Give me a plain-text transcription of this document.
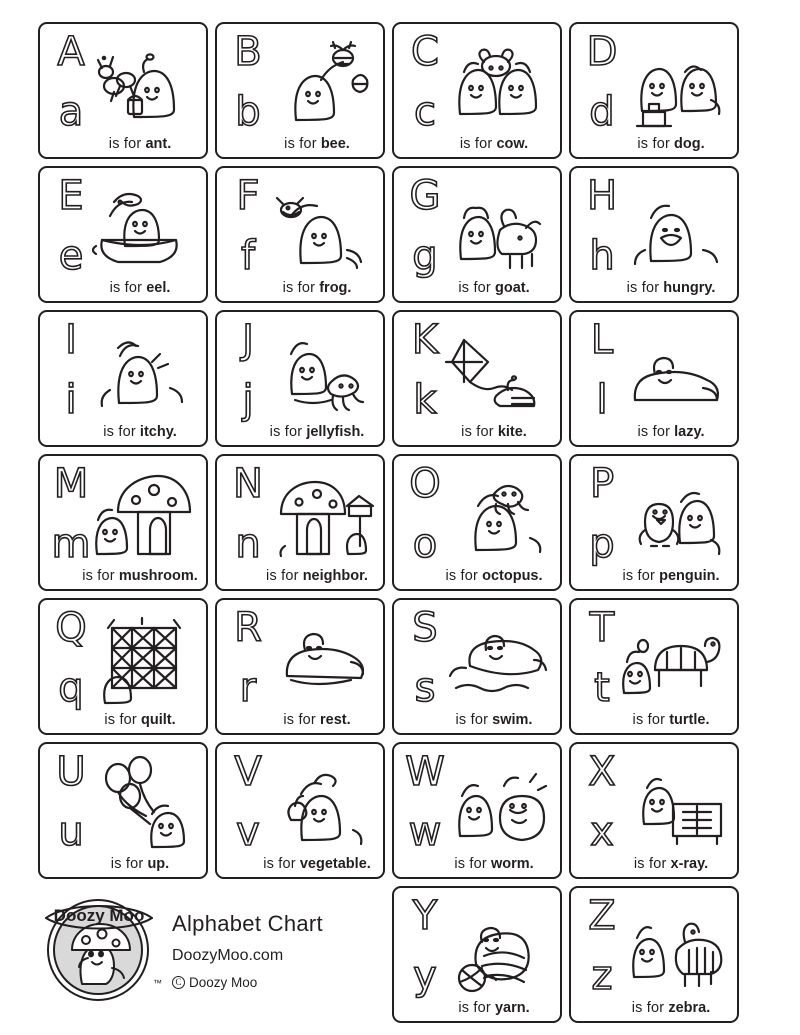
A
a
is for ant.
B
b
is for bee.
C
c
is for cow.
D
d
is for dog.
E
e
is for eel.
F
f
is for frog.
G
g
is for goat.
H
h
is for hungry.
I
i
is for itchy.
J
j
is for jellyfish.
K
k
is for kite.
L
l
is for lazy.
M
m
is for mushroom.
N
n
is for neighbor.
O
o
is for octopus.
P
p
is for penguin.
Q
q
is for quilt.
R
r
is for rest.
S
s
is for swim.
T
t
is for turtle.
U
u
is for up.
V
v
is for vegetable.
W
w
is for worm.
X
x
is for x-ray.
Y
y
is for yarn.
Z
z
is for zebra.
Doozy Moo
™
Alphabet Chart
DoozyMoo.com
C Doozy Moo
